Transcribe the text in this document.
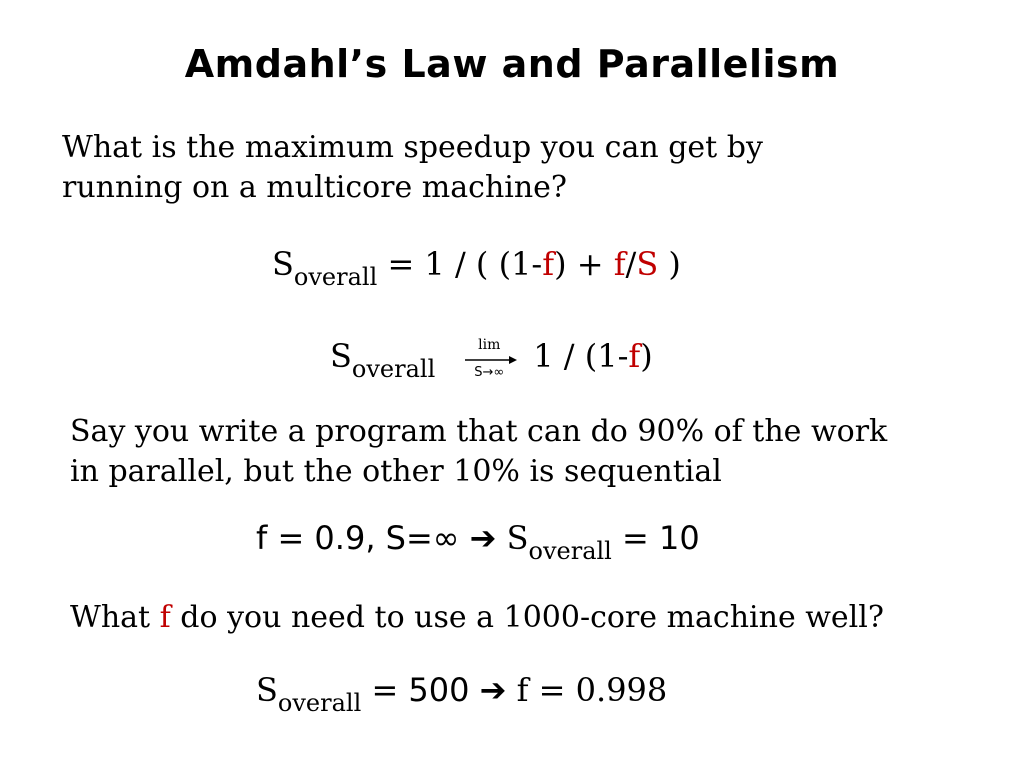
Amdahl’s Law and Parallelism
What is the maximum speedup you can get by
running on a multicore machine?
$S_{overall} = 1$ / ( (1-f) + f/S )
$S_{overall}$
lim
S→∞ 1 / (1-f)
Say you write a program that can do 90% of the work
in parallel, but the other 10% is sequential
f = 0.9, S=∞ ➔ $S_{overall} = 10$
What f do you need to use a 1000-core machine well?
$S_{overall} = 500$ ➔ f = 0.998
